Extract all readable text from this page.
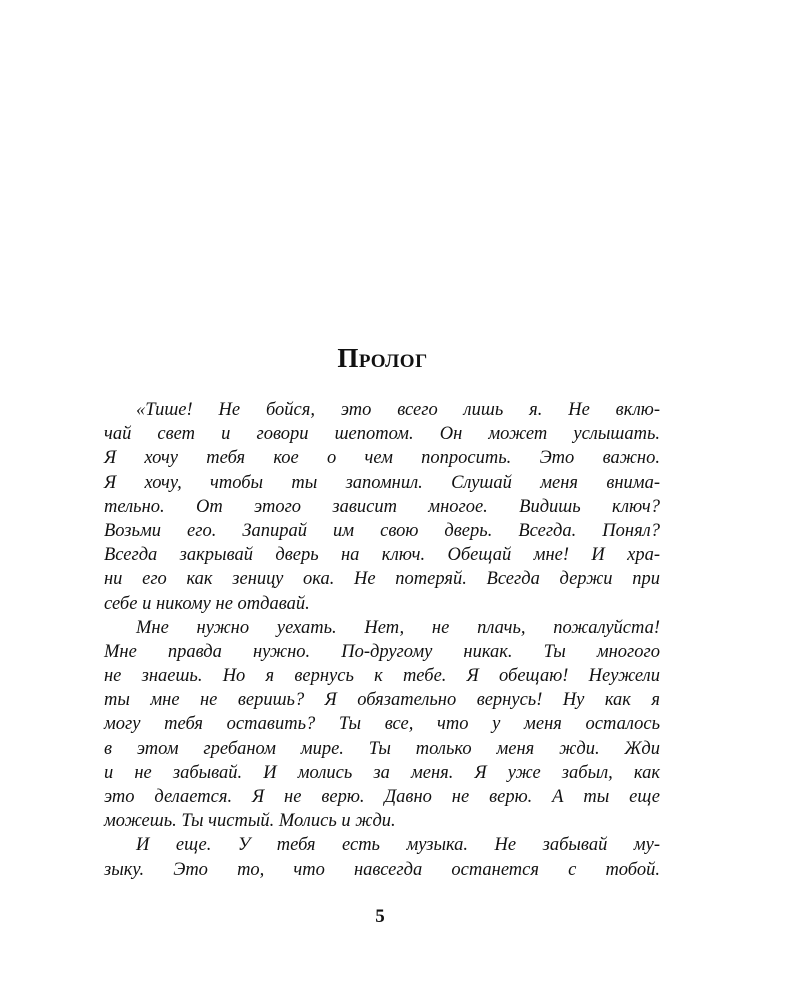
Пролог
«Тише! Не бойся, это всего лишь я. Не вклю-
чай свет и говори шепотом. Он может услышать.
Я хочу тебя кое о чем попросить. Это важно.
Я хочу, чтобы ты запомнил. Слушай меня внима-
тельно. От этого зависит многое. Видишь ключ?
Возьми его. Запирай им свою дверь. Всегда. Понял?
Всегда закрывай дверь на ключ. Обещай мне! И хра-
ни его как зеницу ока. Не потеряй. Всегда держи при
себе и никому не отдавай.
Мне нужно уехать. Нет, не плачь, пожалуйста!
Мне правда нужно. По-другому никак. Ты многого
не знаешь. Но я вернусь к тебе. Я обещаю! Неужели
ты мне не веришь? Я обязательно вернусь! Ну как я
могу тебя оставить? Ты все, что у меня осталось
в этом гребаном мире. Ты только меня жди. Жди
и не забывай. И молись за меня. Я уже забыл, как
это делается. Я не верю. Давно не верю. А ты еще
можешь. Ты чистый. Молись и жди.
И еще. У тебя есть музыка. Не забывай му-
зыку. Это то, что навсегда останется с тобой.
5
